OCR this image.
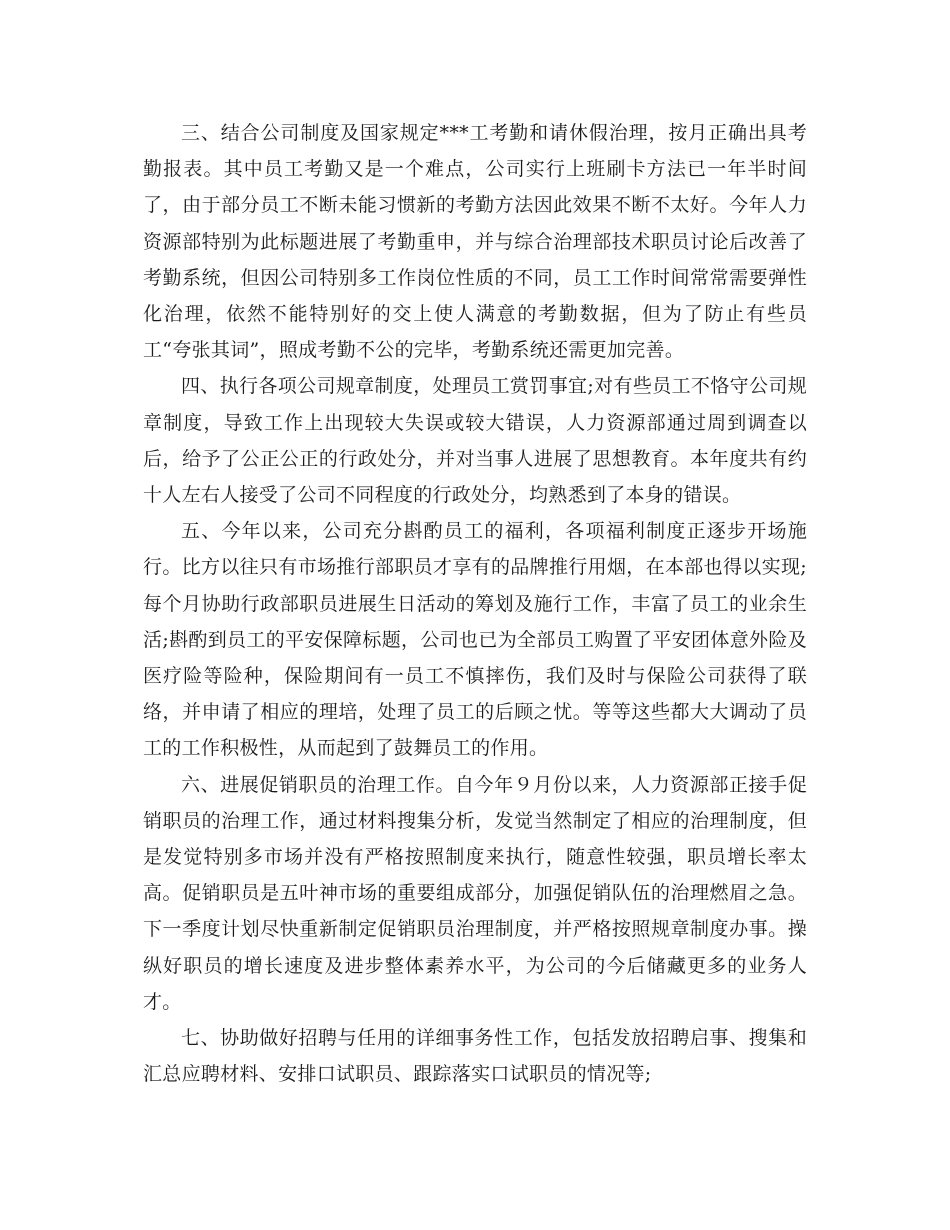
三、结合公司制度及国家规定***工考勤和请休假治理，按月正确出具考勤报表。其中员工考勤又是一个难点，公司实行上班刷卡方法已一年半时间了，由于部分员工不断未能习惯新的考勤方法因此效果不断不太好。今年人力资源部特别为此标题进展了考勤重申，并与综合治理部技术职员讨论后改善了考勤系统，但因公司特别多工作岗位性质的不同，员工工作时间常常需要弹性化治理，依然不能特别好的交上使人满意的考勤数据，但为了防止有些员工“夸张其词”，照成考勤不公的完毕，考勤系统还需更加完善。

四、执行各项公司规章制度，处理员工赏罚事宜;对有些员工不恪守公司规章制度，导致工作上出现较大失误或较大错误，人力资源部通过周到调查以后，给予了公正公正的行政处分，并对当事人进展了思想教育。本年度共有约十人左右人接受了公司不同程度的行政处分，均熟悉到了本身的错误。

五、今年以来，公司充分斟酌员工的福利，各项福利制度正逐步开场施行。比方以往只有市场推行部职员才享有的品牌推行用烟，在本部也得以实现;每个月协助行政部职员进展生日活动的筹划及施行工作，丰富了员工的业余生活;斟酌到员工的平安保障标题，公司也已为全部员工购置了平安团体意外险及医疗险等险种，保险期间有一员工不慎摔伤，我们及时与保险公司获得了联络，并申请了相应的理培，处理了员工的后顾之忧。等等这些都大大调动了员工的工作积极性，从而起到了鼓舞员工的作用。

六、进展促销职员的治理工作。自今年９月份以来，人力资源部正接手促销职员的治理工作，通过材料搜集分析，发觉当然制定了相应的治理制度，但是发觉特别多市场并没有严格按照制度来执行，随意性较强，职员增长率太高。促销职员是五叶神市场的重要组成部分，加强促销队伍的治理燃眉之急。下一季度计划尽快重新制定促销职员治理制度，并严格按照规章制度办事。操纵好职员的增长速度及进步整体素养水平，为公司的今后储藏更多的业务人才。

七、协助做好招聘与任用的详细事务性工作，包括发放招聘启事、搜集和汇总应聘材料、安排口试职员、跟踪落实口试职员的情况等;
